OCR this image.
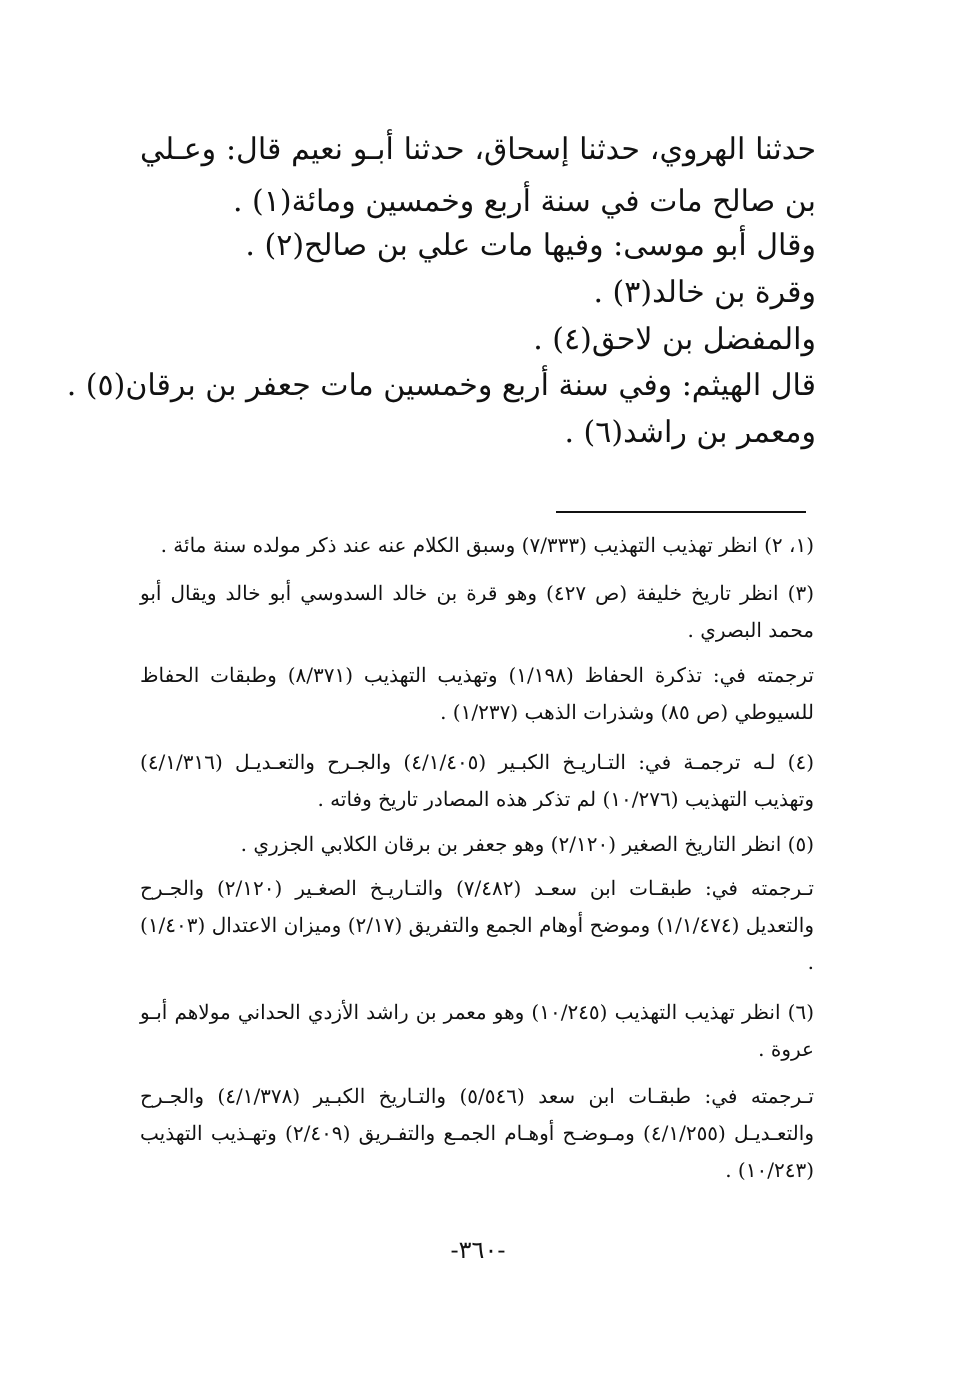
حدثنا الهروي، حدثنا إسحاق، حدثنا أبـو نعيم قال: وعـلي بن صالح مات في سنة أربع وخمسين ومائة(١) .
وقال أبو موسى: وفيها مات علي بن صالح(٢) .
وقرة بن خالد(٣) .
والمفضل بن لاحق(٤) .
قال الهيثم: وفي سنة أربع وخمسين مات جعفر بن برقان(٥) .
ومعمر بن راشد(٦) .
(١، ٢) انظر تهذيب التهذيب (٧/٣٣٣) وسبق الكلام عنه عند ذكر مولده سنة مائة .
(٣) انظر تاريخ خليفة (ص ٤٢٧) وهو قرة بن خالد السدوسي أبو خالد ويقال أبو محمد البصري .
ترجمته في: تذكرة الحفاظ (١/١٩٨) وتهذيب التهذيب (٨/٣٧١) وطبقات الحفاظ للسيوطي (ص ٨٥) وشذرات الذهب (١/٢٣٧) .
(٤) لـه ترجمـة في: التـاريـخ الكبـير (٤/١/٤٠٥) والجـرح والتعـديـل (٤/١/٣١٦) وتهذيب التهذيب (١٠/٢٧٦) لم تذكر هذه المصادر تاريخ وفاته .
(٥) انظر التاريخ الصغير (٢/١٢٠) وهو جعفر بن برقان الكلابي الجزري .
تـرجمته في: طبقـات ابن سعـد (٧/٤٨٢) والتـاريـخ الصغـير (٢/١٢٠) والجـرح والتعديل (١/١/٤٧٤) وموضح أوهام الجمع والتفريق (٢/١٧) وميزان الاعتدال (١/٤٠٣) .
(٦) انظر تهذيب التهذيب (١٠/٢٤٥) وهو معمر بن راشد الأزدي الحداني مولاهم أبـو عروة .
تـرجمته في: طبقـات ابن سعد (٥/٥٤٦) والتـاريخ الكبـير (٤/١/٣٧٨) والجـرح والتعـديـل (٤/١/٢٥٥) ومـوضـح أوهـام الجمـع والتفـريق (٢/٤٠٩) وتهـذيب التهذيب (١٠/٢٤٣) .
-٣٦٠-
